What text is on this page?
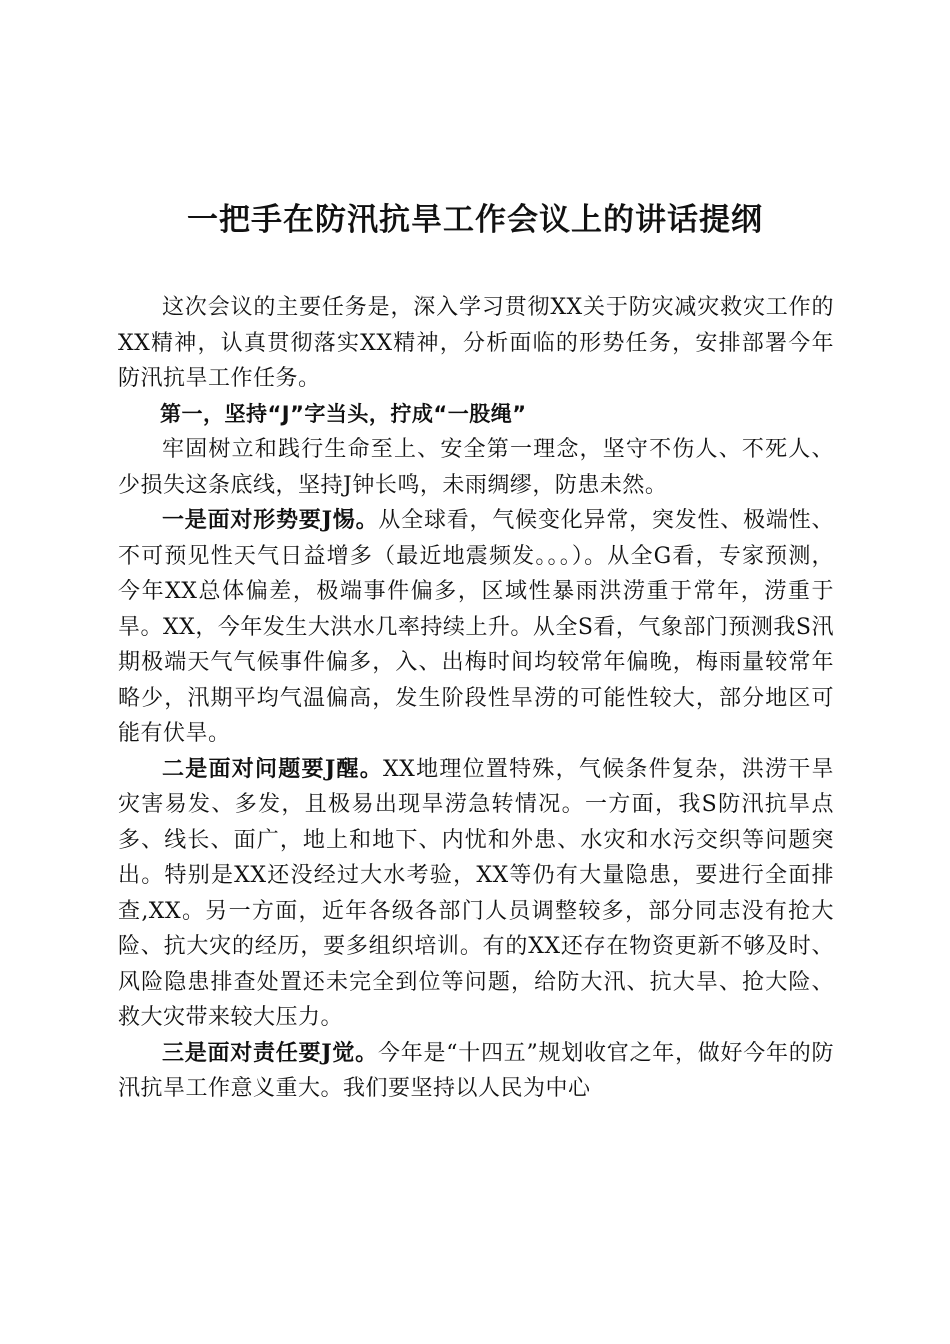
一把手在防汛抗旱工作会议上的讲话提纲

这次会议的主要任务是，深入学习贯彻XX关于防灾减灾救灾工作的XX精神，认真贯彻落实XX精神，分析面临的形势任务，安排部署今年防汛抗旱工作任务。

第一，坚持“J”字当头，拧成“一股绳”

牢固树立和践行生命至上、安全第一理念，坚守不伤人、不死人、少损失这条底线，坚持J钟长鸣，未雨绸缪，防患未然。

一是面对形势要J惕。从全球看，气候变化异常，突发性、极端性、不可预见性天气日益增多（最近地震频发。。。）。从全G看，专家预测，今年XX总体偏差，极端事件偏多，区域性暴雨洪涝重于常年，涝重于旱。XX，今年发生大洪水几率持续上升。从全S看，气象部门预测我S汛期极端天气气候事件偏多，入、出梅时间均较常年偏晚，梅雨量较常年略少，汛期平均气温偏高，发生阶段性旱涝的可能性较大，部分地区可能有伏旱。

二是面对问题要J醒。XX地理位置特殊，气候条件复杂，洪涝干旱灾害易发、多发，且极易出现旱涝急转情况。一方面，我S防汛抗旱点多、线长、面广，地上和地下、内忧和外患、水灾和水污交织等问题突出。特别是XX还没经过大水考验，XX等仍有大量隐患，要进行全面排查,XX。另一方面，近年各级各部门人员调整较多，部分同志没有抢大险、抗大灾的经历，要多组织培训。有的XX还存在物资更新不够及时、风险隐患排查处置还未完全到位等问题，给防大汛、抗大旱、抢大险、救大灾带来较大压力。

三是面对责任要J觉。今年是“十四五”规划收官之年，做好今年的防汛抗旱工作意义重大。我们要坚持以人民为中心
